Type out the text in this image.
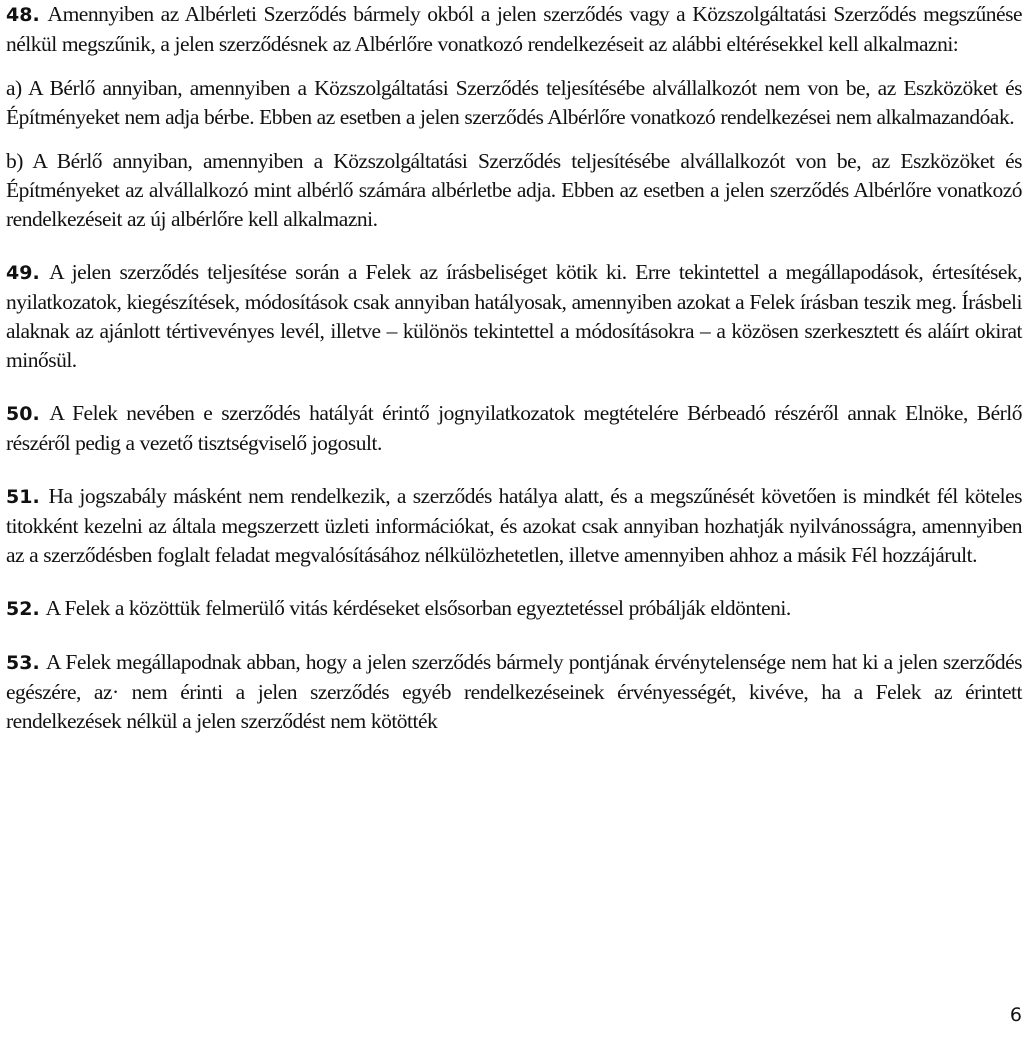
48. Amennyiben az Albérleti Szerződés bármely okból a jelen szerződés vagy a Közszolgáltatási Szerződés megszűnése nélkül megszűnik, a jelen szerződésnek az Albérlőre vonatkozó rendelkezéseit az alábbi eltérésekkel kell alkalmazni:

a) A Bérlő annyiban, amennyiben a Közszolgáltatási Szerződés teljesítésébe alvállalkozót nem von be, az Eszközöket és Építményeket nem adja bérbe. Ebben az esetben a jelen szerződés Albérlőre vonatkozó rendelkezései nem alkalmazandóak.

b) A Bérlő annyiban, amennyiben a Közszolgáltatási Szerződés teljesítésébe alvállalkozót von be, az Eszközöket és Építményeket az alvállalkozó mint albérlő számára albérletbe adja. Ebben az esetben a jelen szerződés Albérlőre vonatkozó rendelkezéseit az új albérlőre kell alkalmazni.

49. A jelen szerződés teljesítése során a Felek az írásbeliséget kötik ki. Erre tekintettel a megállapodások, értesítések, nyilatkozatok, kiegészítések, módosítások csak annyiban hatályosak, amennyiben azokat a Felek írásban teszik meg. Írásbeli alaknak az ajánlott tértivevényes levél, illetve – különös tekintettel a módosításokra – a közösen szerkesztett és aláírt okirat minősül.

50. A Felek nevében e szerződés hatályát érintő jognyilatkozatok megtételére Bérbeadó részéről annak Elnöke, Bérlő részéről pedig a vezető tisztségviselő jogosult.

51. Ha jogszabály másként nem rendelkezik, a szerződés hatálya alatt, és a megszűnését követően is mindkét fél köteles titokként kezelni az általa megszerzett üzleti információkat, és azokat csak annyiban hozhatják nyilvánosságra, amennyiben az a szerződésben foglalt feladat megvalósításához nélkülözhetetlen, illetve amennyiben ahhoz a másik Fél hozzájárult.

52. A Felek a közöttük felmerülő vitás kérdéseket elsősorban egyeztetéssel próbálják eldönteni.

53. A Felek megállapodnak abban, hogy a jelen szerződés bármely pontjának érvénytelensége nem hat ki a jelen szerződés egészére, az· nem érinti a jelen szerződés egyéb rendelkezéseinek érvényességét, kivéve, ha a Felek az érintett rendelkezések nélkül a jelen szerződést nem kötötték

6
